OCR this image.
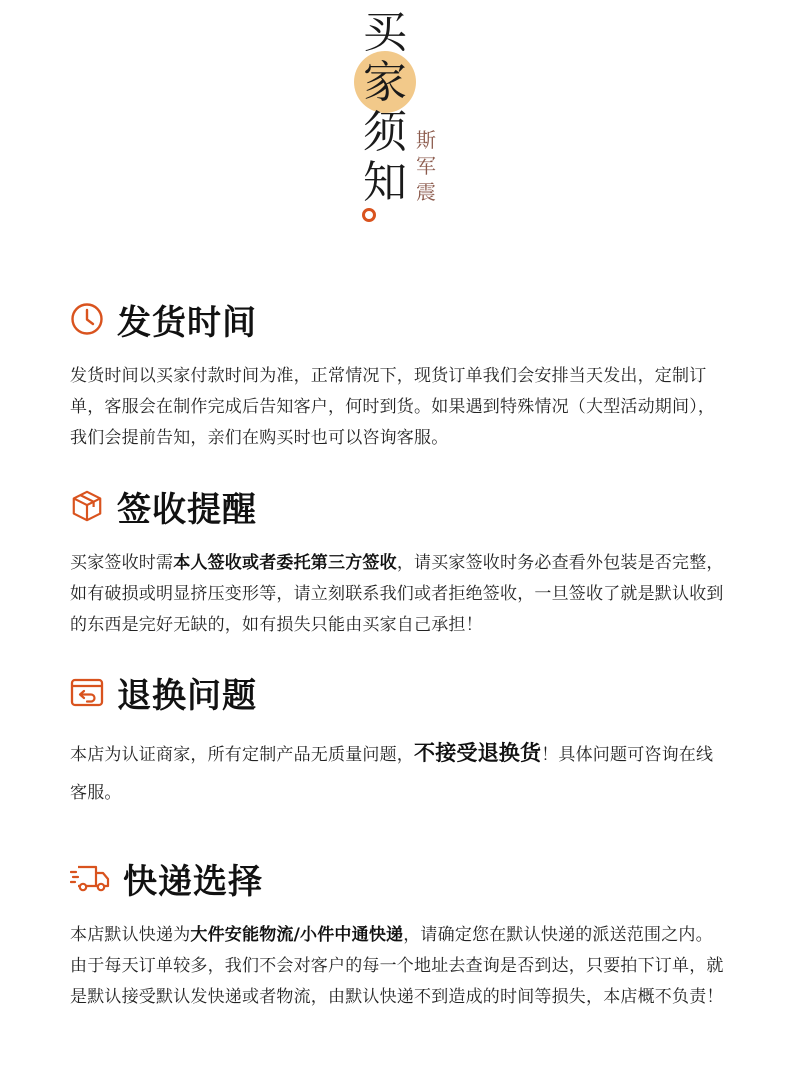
买
家
须
知
斯
军
震
发货时间
发货时间以买家付款时间为准，正常情况下，现货订单我们会安排当天发出，定制订单，客服会在制作完成后告知客户，何时到货。如果遇到特殊情况（大型活动期间），我们会提前告知，亲们在购买时也可以咨询客服。
签收提醒
买家签收时需本人签收或者委托第三方签收，请买家签收时务必查看外包装是否完整，如有破损或明显挤压变形等，请立刻联系我们或者拒绝签收，一旦签收了就是默认收到的东西是完好无缺的，如有损失只能由买家自己承担！
退换问题
本店为认证商家，所有定制产品无质量问题，不接受退换货！具体问题可咨询在线客服。
快递选择
本店默认快递为大件安能物流/小件中通快递，请确定您在默认快递的派送范围之内。由于每天订单较多，我们不会对客户的每一个地址去查询是否到达，只要拍下订单，就是默认接受默认发快递或者物流，由默认快递不到造成的时间等损失，本店概不负责！
